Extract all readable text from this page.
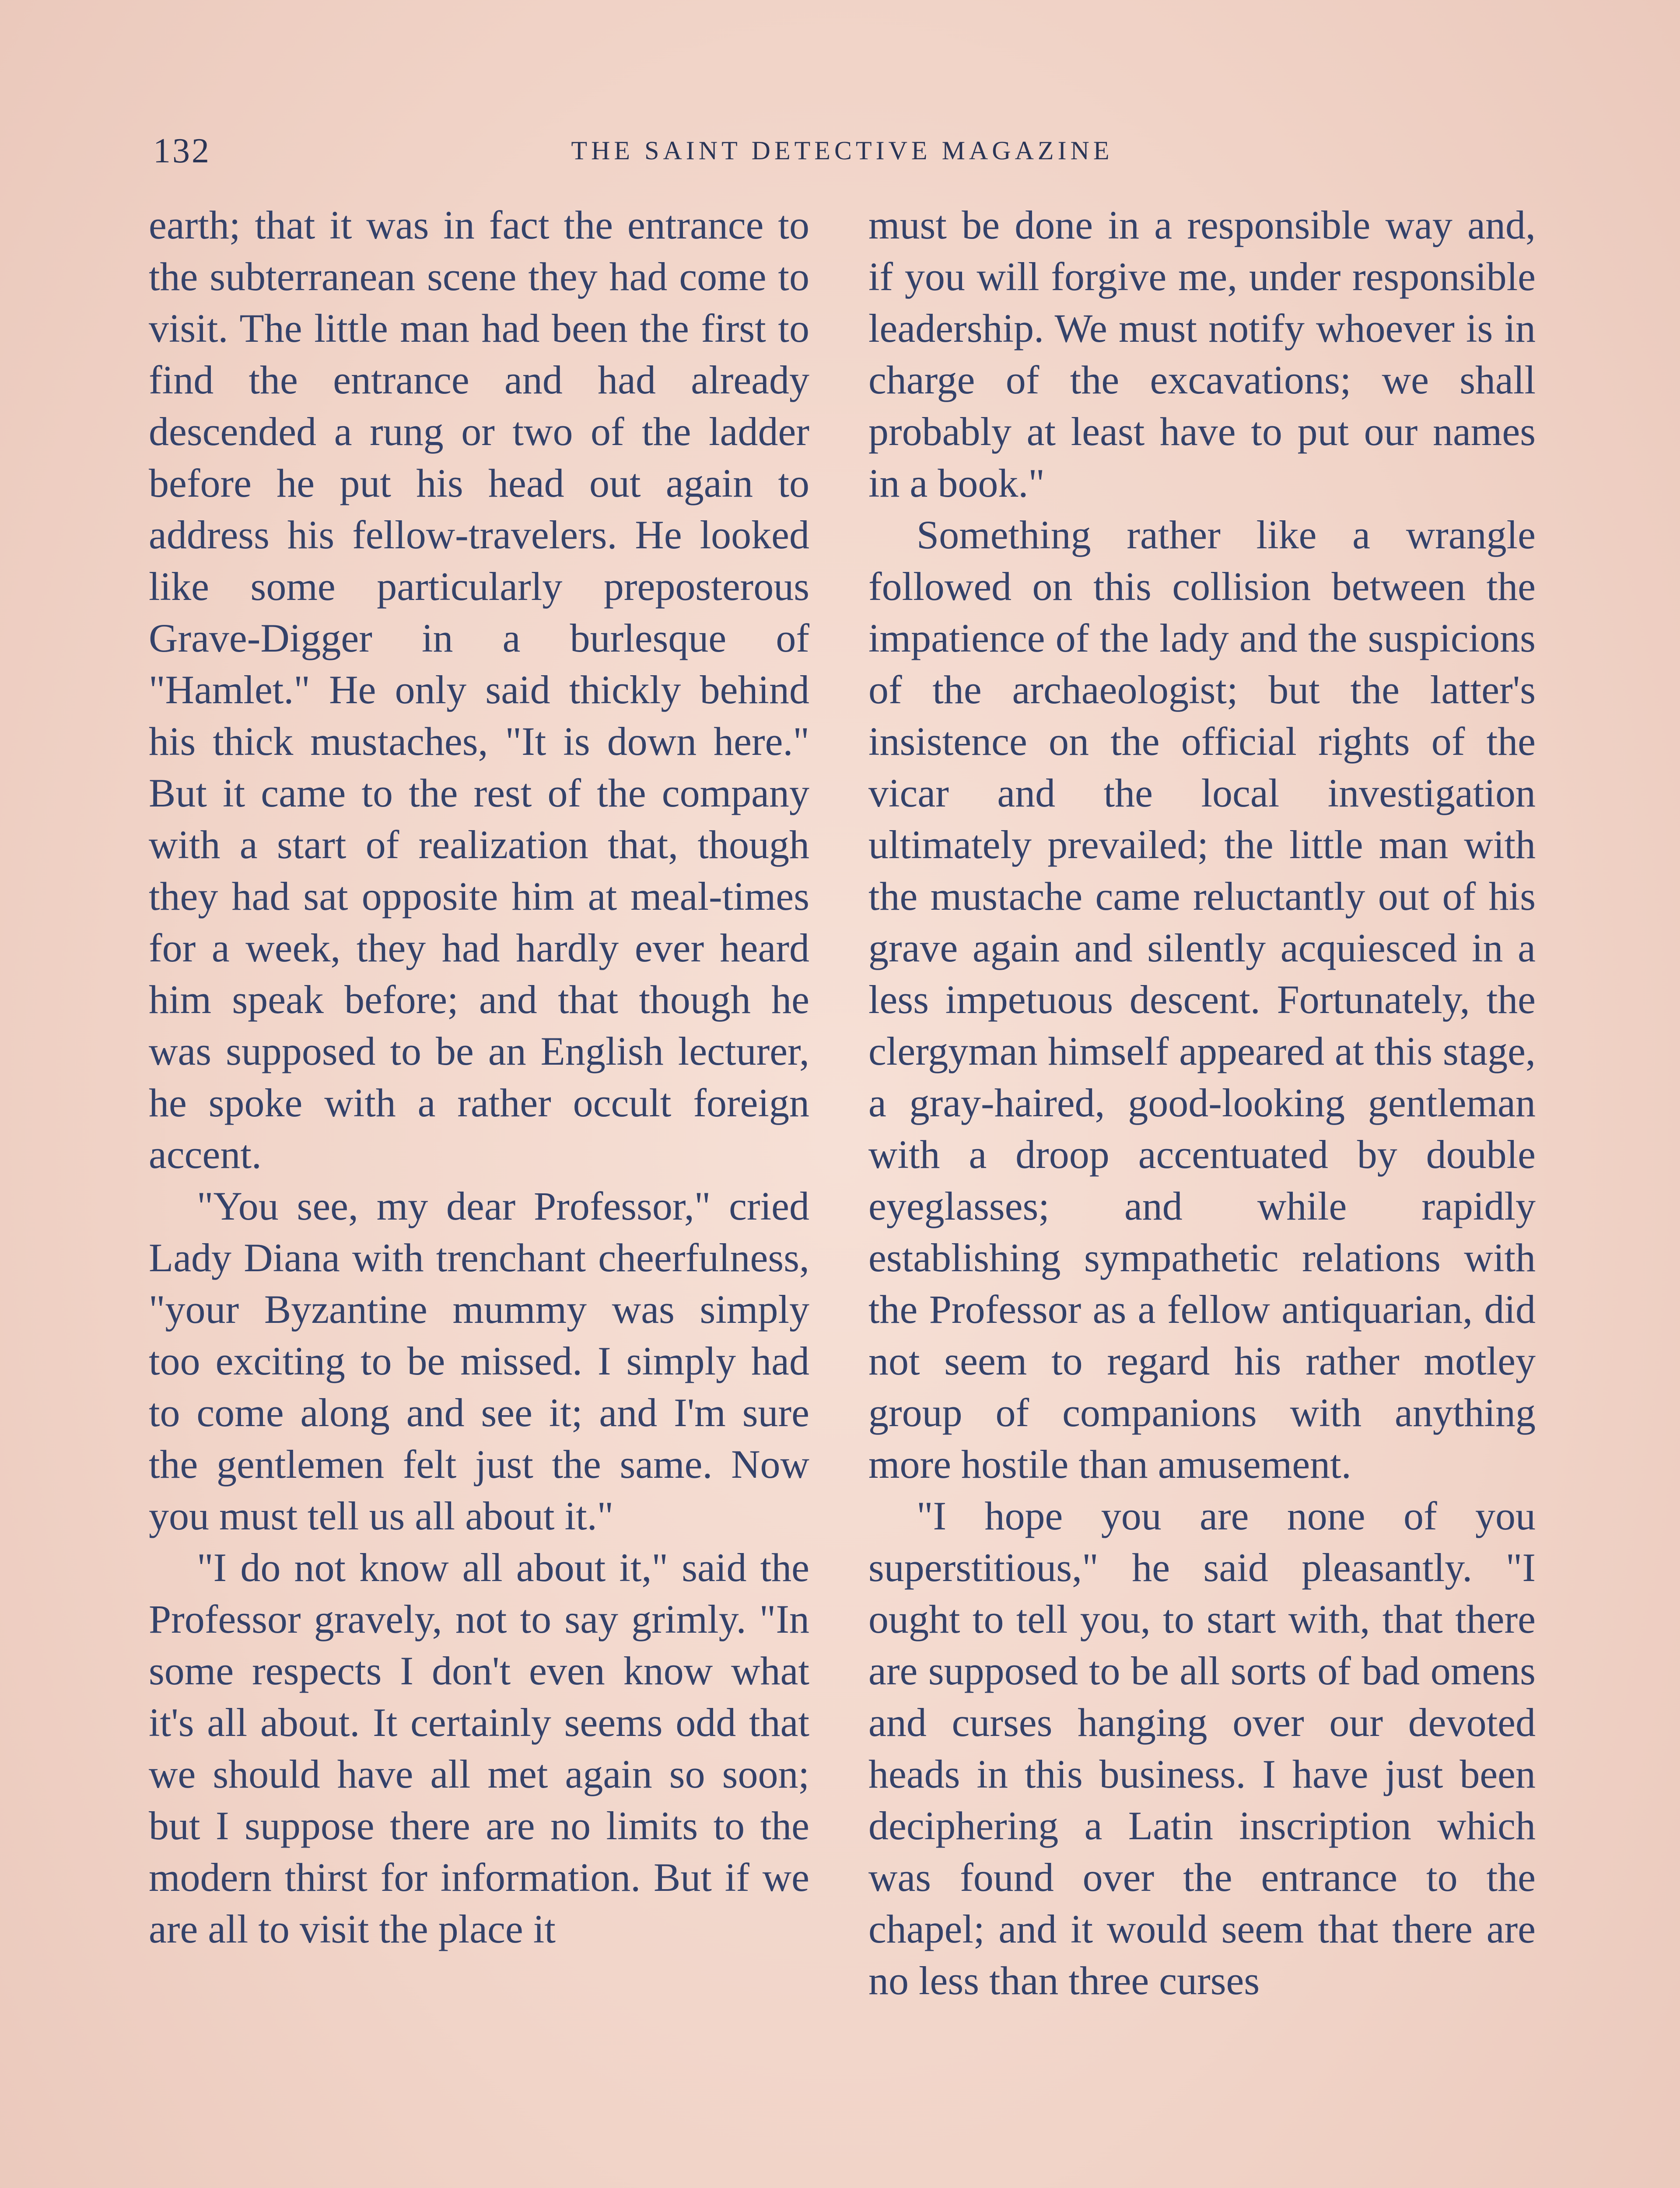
132	THE SAINT DETECTIVE MAGAZINE

earth; that it was in fact the entrance to the subterranean scene they had come to visit. The little man had been the first to find the entrance and had already descended a rung or two of the ladder before he put his head out again to address his fellow-travelers. He looked like some particularly preposterous Grave-Digger in a burlesque of "Hamlet." He only said thickly behind his thick mustaches, "It is down here." But it came to the rest of the company with a start of realization that, though they had sat opposite him at meal-times for a week, they had hardly ever heard him speak before; and that though he was supposed to be an English lecturer, he spoke with a rather occult foreign accent.

"You see, my dear Professor," cried Lady Diana with trenchant cheerfulness, "your Byzantine mummy was simply too exciting to be missed. I simply had to come along and see it; and I'm sure the gentlemen felt just the same. Now you must tell us all about it."

"I do not know all about it," said the Professor gravely, not to say grimly. "In some respects I don't even know what it's all about. It certainly seems odd that we should have all met again so soon; but I suppose there are no limits to the modern thirst for information. But if we are all to visit the place it

must be done in a responsible way and, if you will forgive me, under responsible leadership. We must notify whoever is in charge of the excavations; we shall probably at least have to put our names in a book."

Something rather like a wrangle followed on this collision between the impatience of the lady and the suspicions of the archaeologist; but the latter's insistence on the official rights of the vicar and the local investigation ultimately prevailed; the little man with the mustache came reluctantly out of his grave again and silently acquiesced in a less impetuous descent. Fortunately, the clergyman himself appeared at this stage, a gray-haired, good-looking gentleman with a droop accentuated by double eyeglasses; and while rapidly establishing sympathetic relations with the Professor as a fellow antiquarian, did not seem to regard his rather motley group of companions with anything more hostile than amusement.

"I hope you are none of you superstitious," he said pleasantly. "I ought to tell you, to start with, that there are supposed to be all sorts of bad omens and curses hanging over our devoted heads in this business. I have just been deciphering a Latin inscription which was found over the entrance to the chapel; and it would seem that there are no less than three curses
